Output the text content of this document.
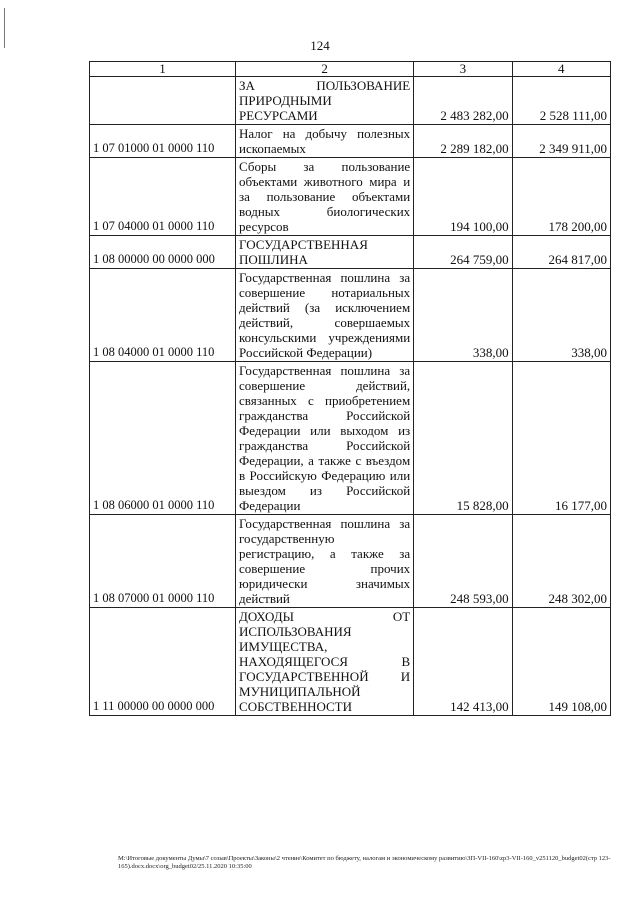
124
1	2	3	4
	ЗА ПОЛЬЗОВАНИЕ ПРИРОДНЫМИ РЕСУРСАМИ	2 483 282,00	2 528 111,00
1 07 01000 01 0000 110	Налог на добычу полезных ископаемых	2 289 182,00	2 349 911,00
1 07 04000 01 0000 110	Сборы за пользование объектами животного мира и за пользование объектами водных биологических ресурсов	194 100,00	178 200,00
1 08 00000 00 0000 000	ГОСУДАРСТВЕННАЯ ПОШЛИНА	264 759,00	264 817,00
1 08 04000 01 0000 110	Государственная пошлина за совершение нотариальных действий (за исключением действий, совершаемых консульскими учреждениями Российской Федерации)	338,00	338,00
1 08 06000 01 0000 110	Государственная пошлина за совершение действий, связанных с приобретением гражданства Российской Федерации или выходом из гражданства Российской Федерации, а также с въездом в Российскую Федерацию или выездом из Российской Федерации	15 828,00	16 177,00
1 08 07000 01 0000 110	Государственная пошлина за государственную регистрацию, а также за совершение прочих юридически значимых действий	248 593,00	248 302,00
1 11 00000 00 0000 000	ДОХОДЫ ОТ ИСПОЛЬЗОВАНИЯ ИМУЩЕСТВА, НАХОДЯЩЕГОСЯ В ГОСУДАРСТВЕННОЙ И МУНИЦИПАЛЬНОЙ СОБСТВЕННОСТИ	142 413,00	149 108,00
M:\Итоговые документы Думы\7 созыв\Проекты\Законы\2 чтение\Комитет по бюджету, налогам и экономическому развитию\ЗП-VII-160\zp3-VII-160_v251120_budget02(стр 123-165).docx.docx\org_budget02/25.11.2020 10:35:00
